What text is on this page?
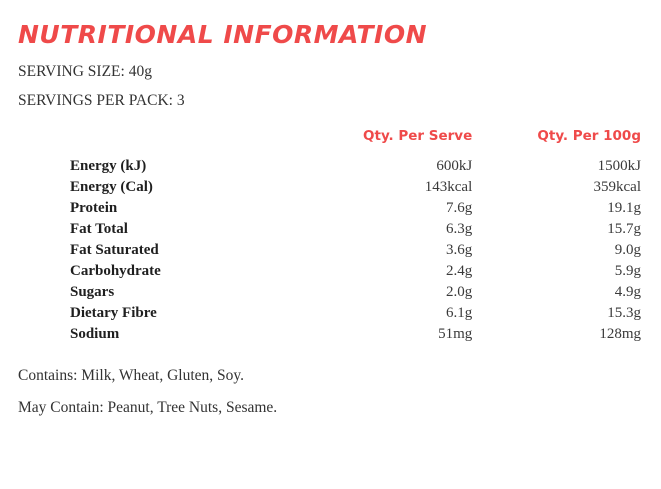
NUTRITIONAL INFORMATION

SERVING SIZE: 40g

SERVINGS PER PACK: 3

	Qty. Per Serve	Qty. Per 100g
Energy (kJ)	600kJ	1500kJ
Energy (Cal)	143kcal	359kcal
Protein	7.6g	19.1g
Fat Total	6.3g	15.7g
Fat Saturated	3.6g	9.0g
Carbohydrate	2.4g	5.9g
Sugars	2.0g	4.9g
Dietary Fibre	6.1g	15.3g
Sodium	51mg	128mg

Contains: Milk, Wheat, Gluten, Soy.

May Contain: Peanut, Tree Nuts, Sesame.
